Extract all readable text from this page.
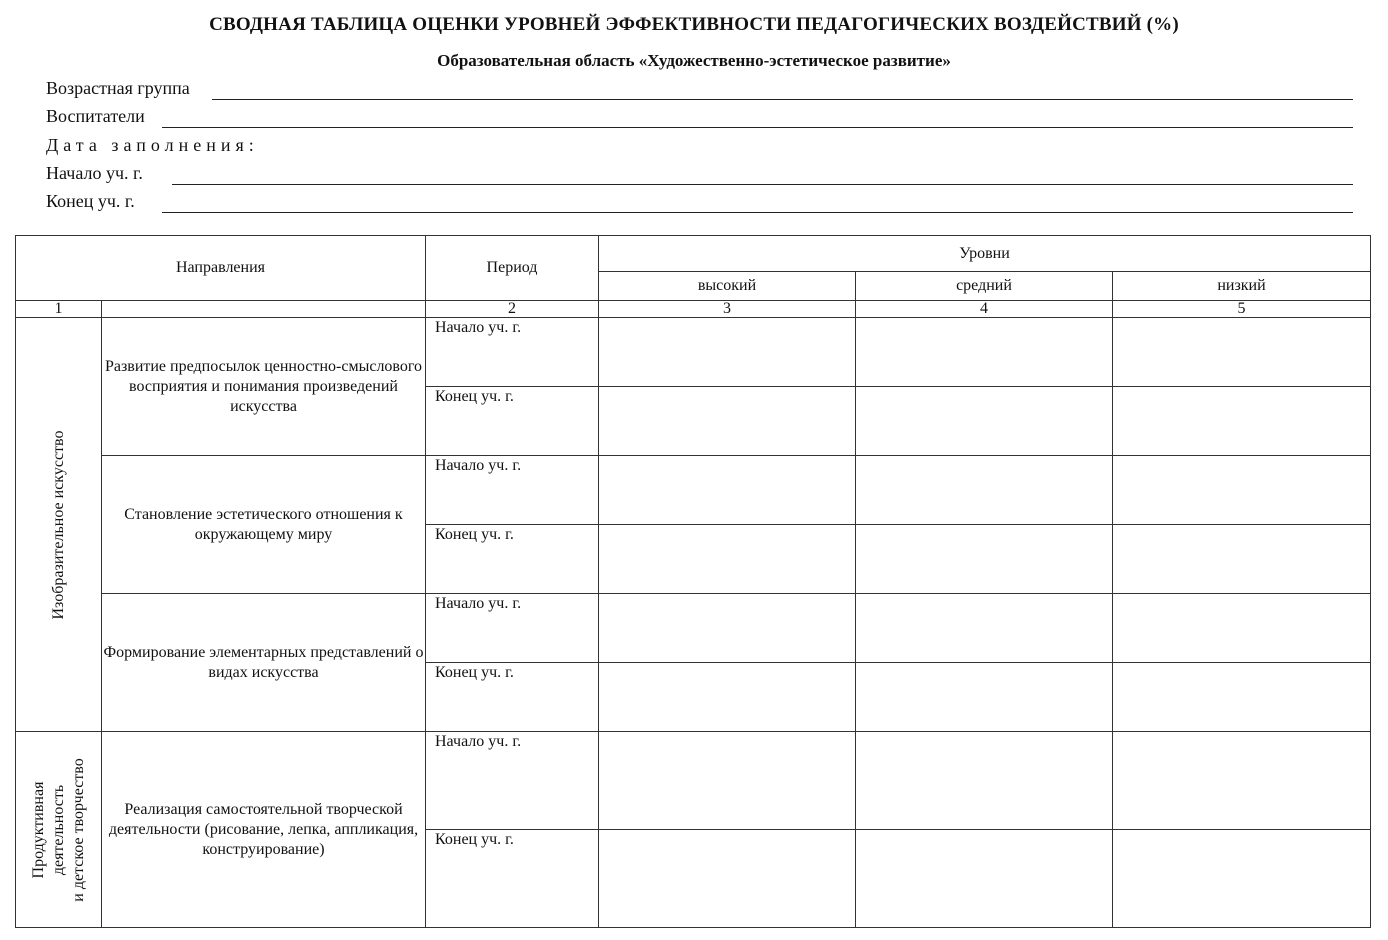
СВОДНАЯ ТАБЛИЦА ОЦЕНКИ УРОВНЕЙ ЭФФЕКТИВНОСТИ ПЕДАГОГИЧЕСКИХ ВОЗДЕЙСТВИЙ (%)
Образовательная область «Художественно-эстетическое развитие»
Возрастная группа
Воспитатели
Дата заполнения:
Начало уч. г.
Конец уч. г.
Направления		Период	Уровни		
			высокий	средний	низкий
1		2	3	4	5

Изобразительное искусство	Развитие предпосылок ценностно-смыслового восприятия и понимания произведений искусства	Начало уч. г.			
		Конец уч. г.			
	Становление эстетического отношения к окружающему миру	Начало уч. г.			
		Конец уч. г.			
	Формирование элементарных представлений о видах искусства	Начало уч. г.			
		Конец уч. г.			

Продуктивная деятельность и детское творчество	Реализация самостоятельной творческой деятельности (рисование, лепка, аппликация, конструирование)	Начало уч. г.			
		Конец уч. г.			
